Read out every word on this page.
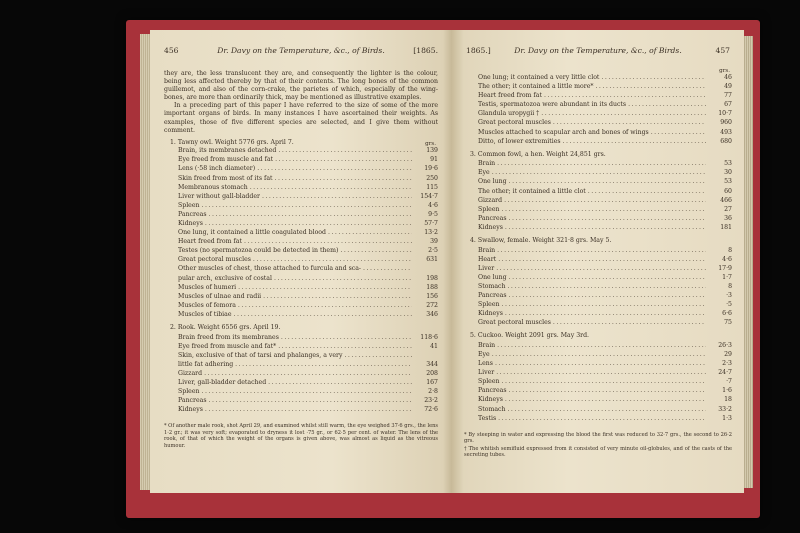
456	Dr. Davy on the Temperature, &c., of Birds.	[1865.

they are, the less translucent they are, and consequently the lighter is the colour, being less affected thereby by that of their contents. The long bones of the common guillemot, and also of the corn-crake, the parietes of which, especially of the wing-bones, are more than ordinarily thick, may be mentioned as illustrative examples.

In a preceding part of this paper I have referred to the size of some of the more important organs of birds. In many instances I have ascertained their weights. As examples, those of five different species are selected, and I give them without comment.

1. Tawny owl. Weight 5776 grs. April 7.	grs.
Brain, its membranes detached .....	139
Eye freed from muscle and fat .....	91
Lens (·58 inch diameter) .....	19·6
Skin freed from most of its fat .....	250
Membranous stomach .....	115
Liver without gall-bladder .....	154·7
Spleen .....	4·6
Pancreas .....	9·5
Kidneys .....	57·7
One lung, it contained a little coagulated blood .....	13·2
Heart freed from fat .....	39
Testes (no spermatozoa could be detected in them) .....	2·5
Great pectoral muscles .....	631
Other muscles of chest, those attached to furcula and sca-
.....
pular arch, exclusive of costal .....	198
Muscles of humeri .....	188
Muscles of ulnae and radii .....	156
Muscles of femora .....	272
Muscles of tibiae .....	346
2. Rook. Weight 6556 grs. April 19.
Brain freed from its membranes .....	118·6
Eye freed from muscle and fat* .....	41
Skin, exclusive of that of tarsi and phalanges, a very
.....
little fat adhering .....	344
Gizzard .....	208
Liver, gall-bladder detached .....	167
Spleen .....	2·8
Pancreas .....	23·2
Kidneys .....	72·6
* Of another male rook, shot April 29, and examined whilst still warm, the eye weighed 37·6 grs., the lens 1·2 gr.; it was very soft; evaporated to dryness it lost ·75 gr., or 62·5 per cent. of water. The lens of the rook, of that of which the weight of the organs is given above, was almost as liquid as the vitreous humour.
1865.]	Dr. Davy on the Temperature, &c., of Birds.	457
grs.
One lung; it contained a very little clot .....	46
The other; it contained a little more* .....	49
Heart freed from fat .....	77
Testis, spermatozoa were abundant in its ducts .....	67
Glandula uropygii † .....	10·7
Great pectoral muscles .....	960
Muscles attached to scapular arch and bones of wings .....	493
Ditto, of lower extremities .....	680
3. Common fowl, a hen. Weight 24,851 grs.
Brain .....	53
Eye .....	30
One lung .....	53
The other; it contained a little clot .....	60
Gizzard .....	466
Spleen .....	27
Pancreas .....	36
Kidneys .....	181
4. Swallow, female. Weight 321·8 grs. May 5.
Brain .....	8
Heart .....	4·6
Liver .....	17·9
One lung .....	1·7
Stomach .....	8
Pancreas .....	·3
Spleen .....	·5
Kidneys .....	6·6
Great pectoral muscles .....	75
5. Cuckoo. Weight 2091 grs. May 3rd.
Brain .....	26·3
Eye .....	29
Lens .....	2·3
Liver .....	24·7
Spleen .....	·7
Pancreas .....	1·6
Kidneys .....	18
Stomach .....	33·2
Testis .....	1·3
* By steeping in water and expressing the blood the first was reduced to 32·7 grs., the second to 26·2 grs.
† The whitish semifluid expressed from it consisted of very minute oil-globules, and of the casts of the secreting tubes.
